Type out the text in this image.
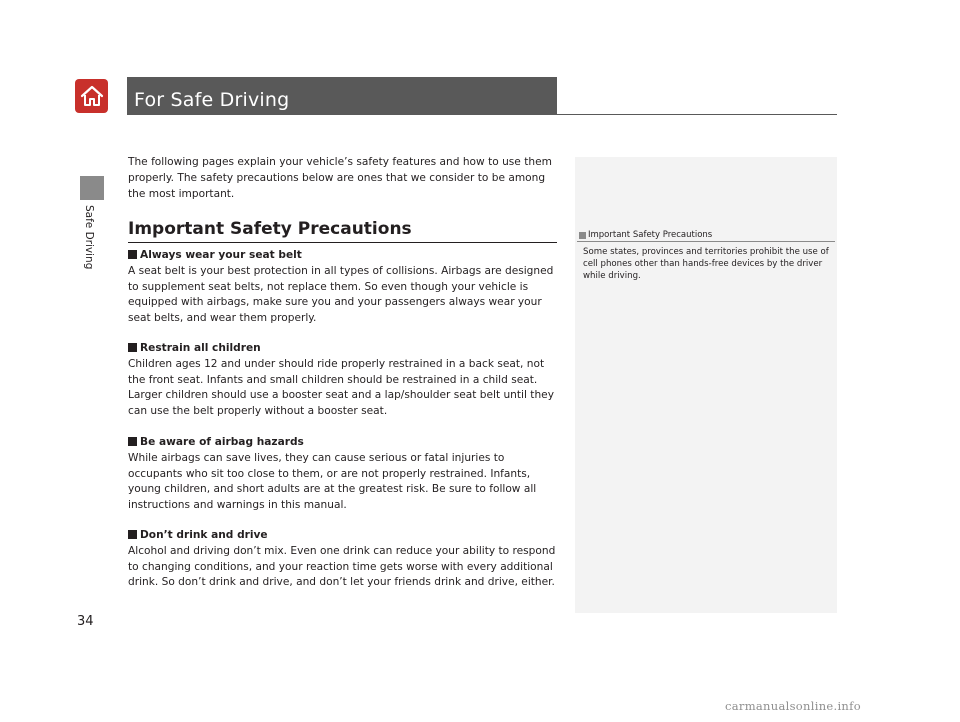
Safe Driving
For Safe Driving
The following pages explain your vehicle’s safety features and how to use them properly. The safety precautions below are ones that we consider to be among the most important.
Important Safety Precautions
Always wear your seat belt
A seat belt is your best protection in all types of collisions. Airbags are designed to supplement seat belts, not replace them. So even though your vehicle is equipped with airbags, make sure you and your passengers always wear your seat belts, and wear them properly.
Restrain all children
Children ages 12 and under should ride properly restrained in a back seat, not the front seat. Infants and small children should be restrained in a child seat. Larger children should use a booster seat and a lap/shoulder seat belt until they can use the belt properly without a booster seat.
Be aware of airbag hazards
While airbags can save lives, they can cause serious or fatal injuries to occupants who sit too close to them, or are not properly restrained. Infants, young children, and short adults are at the greatest risk. Be sure to follow all instructions and warnings in this manual.
Don’t drink and drive
Alcohol and driving don’t mix. Even one drink can reduce your ability to respond to changing conditions, and your reaction time gets worse with every additional drink. So don’t drink and drive, and don’t let your friends drink and drive, either.
Important Safety Precautions
Some states, provinces and territories prohibit the use of cell phones other than hands-free devices by the driver while driving.
34
carmanualsonline.info
